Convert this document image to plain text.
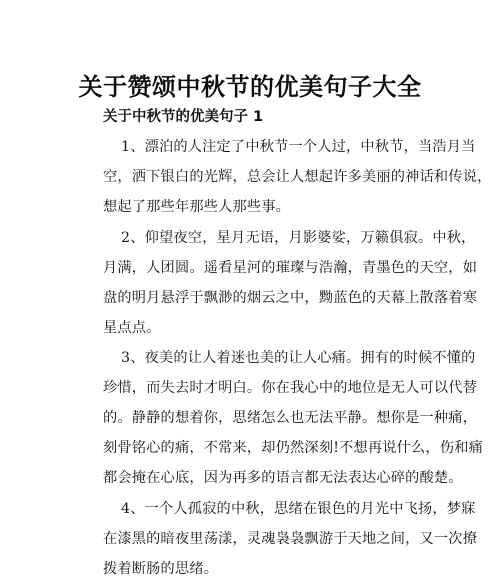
关于赞颂中秋节的优美句子大全
关于中秋节的优美句子 1
1、漂泊的人注定了中秋节一个人过，中秋节，当浩月当
空，洒下银白的光辉，总会让人想起许多美丽的神话和传说，
想起了那些年那些人那些事。
2、仰望夜空，星月无语，月影婆娑，万籁俱寂。中秋，
月满，人团圆。遥看星河的璀璨与浩瀚，青墨色的天空，如
盘的明月悬浮于飘渺的烟云之中，黝蓝色的天幕上散落着寒
星点点。
3、夜美的让人着迷也美的让人心痛。拥有的时候不懂的
珍惜，而失去时才明白。你在我心中的地位是无人可以代替
的。静静的想着你，思绪怎么也无法平静。想你是一种痛，
刻骨铭心的痛，不常来，却仍然深刻!不想再说什么，伤和痛
都会掩在心底，因为再多的语言都无法表达心碎的酸楚。
4、一个人孤寂的中秋，思绪在银色的月光中飞扬，梦寐
在漆黑的暗夜里荡漾，灵魂袅袅飘游于天地之间，又一次撩
拨着断肠的思绪。
